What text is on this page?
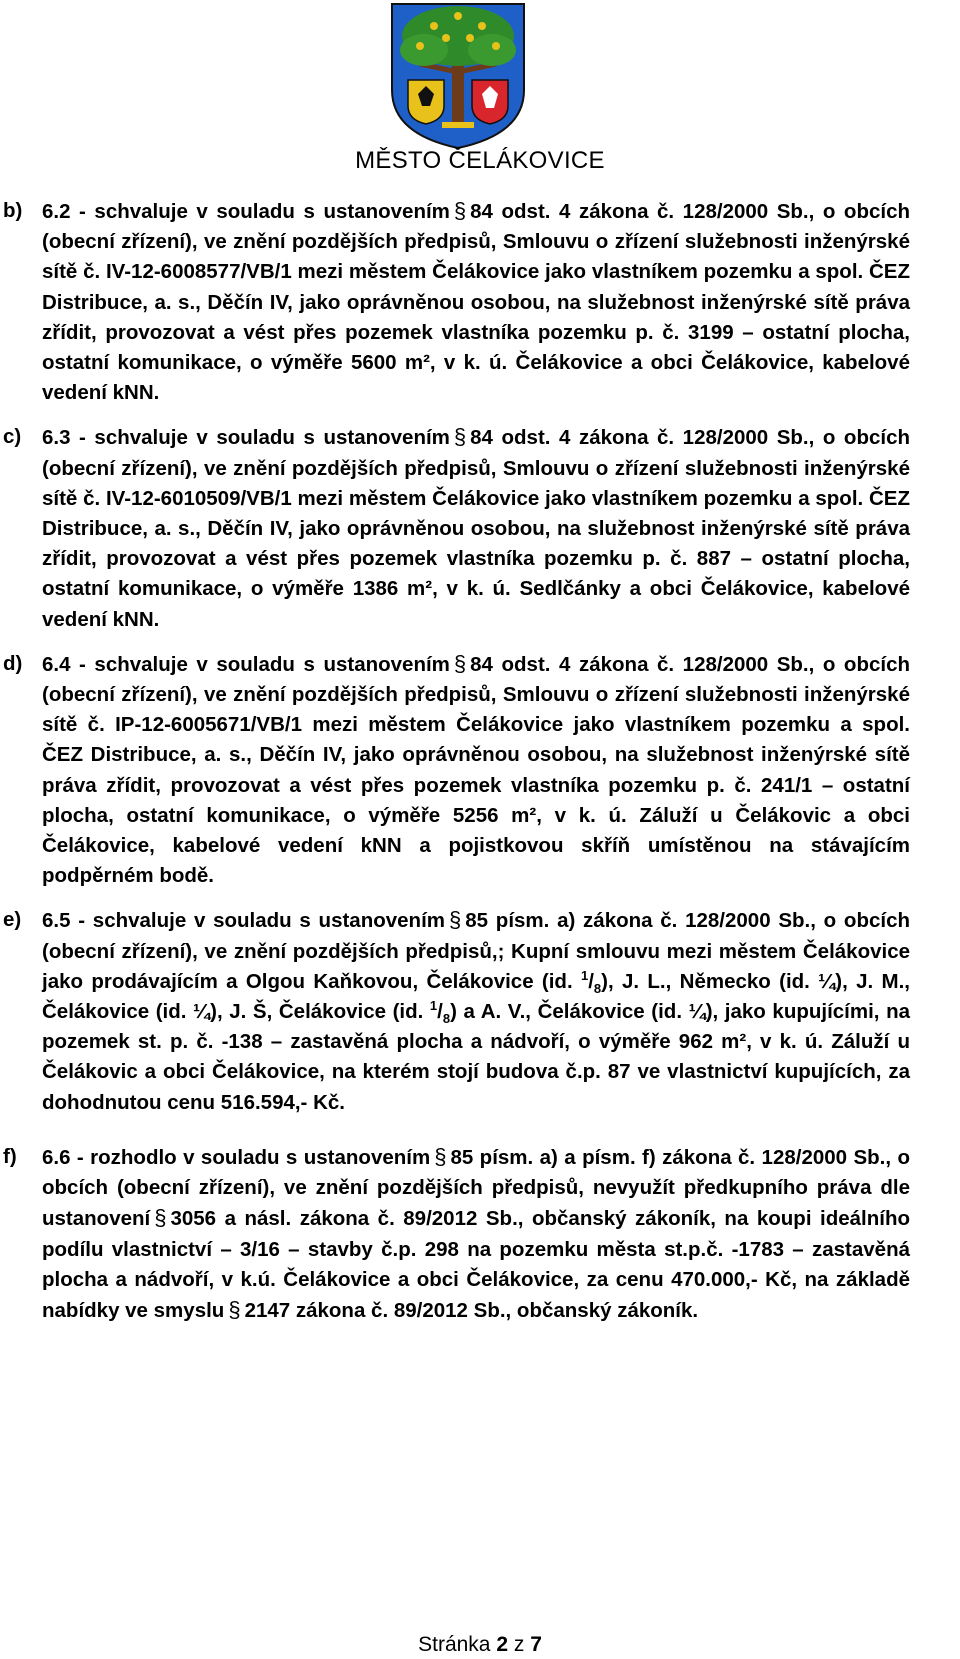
MĚSTO ČELÁKOVICE
b) 6.2 - schvaluje v souladu s ustanovením § 84 odst. 4 zákona č. 128/2000 Sb., o obcích (obecní zřízení), ve znění pozdějších předpisů, Smlouvu o zřízení služebnosti inženýrské sítě č. IV-12-6008577/VB/1 mezi městem Čelákovice jako vlastníkem pozemku a spol. ČEZ Distribuce, a. s., Děčín IV, jako oprávněnou osobou, na služebnost inženýrské sítě práva zřídit, provozovat a vést přes pozemek vlastníka pozemku p. č. 3199 – ostatní plocha, ostatní komunikace, o výměře 5600 m², v k. ú. Čelákovice a obci Čelákovice, kabelové vedení kNN.

c) 6.3 - schvaluje v souladu s ustanovením § 84 odst. 4 zákona č. 128/2000 Sb., o obcích (obecní zřízení), ve znění pozdějších předpisů, Smlouvu o zřízení služebnosti inženýrské sítě č. IV-12-6010509/VB/1 mezi městem Čelákovice jako vlastníkem pozemku a spol. ČEZ Distribuce, a. s., Děčín IV, jako oprávněnou osobou, na služebnost inženýrské sítě práva zřídit, provozovat a vést přes pozemek vlastníka pozemku p. č. 887 – ostatní plocha, ostatní komunikace, o výměře 1386 m², v k. ú. Sedlčánky a obci Čelákovice, kabelové vedení kNN.

d) 6.4 - schvaluje v souladu s ustanovením § 84 odst. 4 zákona č. 128/2000 Sb., o obcích (obecní zřízení), ve znění pozdějších předpisů, Smlouvu o zřízení služebnosti inženýrské sítě č. IP-12-6005671/VB/1 mezi městem Čelákovice jako vlastníkem pozemku a spol. ČEZ Distribuce, a. s., Děčín IV, jako oprávněnou osobou, na služebnost inženýrské sítě práva zřídit, provozovat a vést přes pozemek vlastníka pozemku p. č. 241/1 – ostatní plocha, ostatní komunikace, o výměře 5256 m², v k. ú. Záluží u Čelákovic a obci Čelákovice, kabelové vedení kNN a pojistkovou skříň umístěnou na stávajícím podpěrném bodě.

e) 6.5 - schvaluje v souladu s ustanovením § 85 písm. a) zákona č. 128/2000 Sb., o obcích (obecní zřízení), ve znění pozdějších předpisů,; Kupní smlouvu mezi městem Čelákovice jako prodávajícím a Olgou Kaňkovou, Čelákovice (id. $^1/_8$), J. L., Německo (id. ¼), J. M., Čelákovice (id. ¼), J. Š, Čelákovice (id. $^1/_8$) a A. V., Čelákovice (id. ¼), jako kupujícími, na pozemek st. p. č. -138 – zastavěná plocha a nádvoří, o výměře 962 m², v k. ú. Záluží u Čelákovic a obci Čelákovice, na kterém stojí budova č.p. 87 ve vlastnictví kupujících, za dohodnutou cenu 516.594,- Kč.

f) 6.6 - rozhodlo v souladu s ustanovením § 85 písm. a) a písm. f) zákona č. 128/2000 Sb., o obcích (obecní zřízení), ve znění pozdějších předpisů, nevyužít předkupního práva dle ustanovení § 3056 a násl. zákona č. 89/2012 Sb., občanský zákoník, na koupi ideálního podílu vlastnictví – 3/16 – stavby č.p. 298 na pozemku města st.p.č. -1783 – zastavěná plocha a nádvoří, v k.ú. Čelákovice a obci Čelákovice, za cenu 470.000,- Kč, na základě nabídky ve smyslu § 2147 zákona č. 89/2012 Sb., občanský zákoník.

Stránka 2 z 7
